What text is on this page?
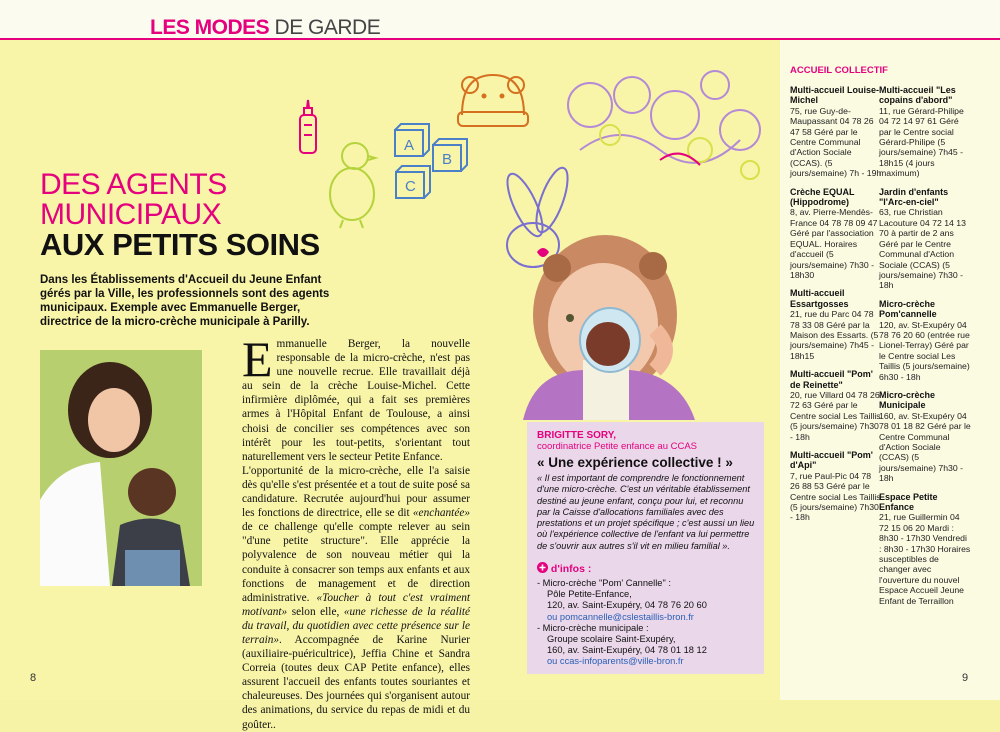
LES MODES DE GARDE
A
B
C
DES AGENTS
MUNICIPAUX
AUX PETITS SOINS
Dans les Établissements d'Accueil du Jeune Enfant gérés par la Ville, les professionnels sont des agents municipaux. Exemple avec Emmanuelle Berger, directrice de la micro-crèche municipale à Parilly.
Emmanuelle Berger, la nouvelle responsable de la micro-crèche, n'est pas une nouvelle recrue. Elle travaillait déjà au sein de la crèche Louise-Michel. Cette infirmière diplômée, qui a fait ses premières armes à l'Hôpital Enfant de Toulouse, a ainsi choisi de concilier ses compétences avec son intérêt pour les tout-petits, s'orientant tout naturellement vers le secteur Petite Enfance.
L'opportunité de la micro-crèche, elle l'a saisie dès qu'elle s'est présentée et a tout de suite posé sa candidature. Recrutée aujourd'hui pour assumer les fonctions de directrice, elle se dit «enchantée» de ce challenge qu'elle compte relever au sein "d'une petite structure". Elle apprécie la polyvalence de son nouveau métier qui la conduite à consacrer son temps aux enfants et aux fonctions de management et de direction administrative. «Toucher à tout c'est vraiment motivant» selon elle, «une richesse de la réalité du travail, du quotidien avec cette présence sur le terrain». Accompagnée de Karine Nurier (auxiliaire-puéricultrice), Jeffia Chine et Sandra Correia (toutes deux CAP Petite enfance), elles assurent l'accueil des enfants toutes souriantes et chaleureuses. Des journées qui s'organisent autour des animations, du service du repas de midi et du goûter..
BRIGITTE SORY,
coordinatrice Petite enfance au CCAS
« Une expérience collective ! »
« Il est important de comprendre le fonctionnement d'une micro-crèche. C'est un véritable établissement destiné au jeune enfant, conçu pour lui, et reconnu par la Caisse d'allocations familiales avec des prestations et un projet spécifique ; c'est aussi un lieu où l'expérience collective de l'enfant va lui permettre de s'ouvrir aux autres s'il vit en milieu familial ».
d'infos :
- Micro-crèche "Pom' Cannelle" :
Pôle Petite-Enfance,
120, av. Saint-Exupéry, 04 78 76 20 60
ou pomcannelle@cslestaillis-bron.fr
- Micro-crèche municipale :
Groupe scolaire Saint-Exupéry,
160, av. Saint-Exupéry, 04 78 01 18 12
ou ccas-infoparents@ville-bron.fr
ACCUEIL COLLECTIF
Multi-accueil Louise-Michel
75, rue Guy-de-Maupassant 04 78 26 47 58 Géré par le Centre Communal d'Action Sociale (CCAS). (5 jours/semaine) 7h - 19h
Crèche EQUAL (Hippodrome)
8, av. Pierre-Mendès-France 04 78 78 09 47 Géré par l'association EQUAL. Horaires d'accueil (5 jours/semaine) 7h30 - 18h30
Multi-accueil Essartgosses
21, rue du Parc 04 78 78 33 08 Géré par la Maison des Essarts. (5 jours/semaine) 7h45 - 18h15
Multi-accueil "Pom' de Reinette"
20, rue Villard 04 78 26 72 63 Géré par le Centre social Les Taillis (5 jours/semaine) 7h30 - 18h
Multi-accueil "Pom' d'Api"
7, rue Paul-Pic 04 78 26 88 53 Géré par le Centre social Les Taillis (5 jours/semaine) 7h30 - 18h
Multi-accueil "Les copains d'abord"
11, rue Gérard-Philipe 04 72 14 97 61 Géré par le Centre social Gérard-Philipe (5 jours/semaine) 7h45 - 18h15 (4 jours maximum)
Jardin d'enfants "l'Arc-en-ciel"
63, rue Christian Lacouture 04 72 14 13 70 à partir de 2 ans Géré par le Centre Communal d'Action Sociale (CCAS) (5 jours/semaine) 7h30 - 18h
Micro-crèche Pom'cannelle
120, av. St-Exupéry 04 78 76 20 60 (entrée rue Lionel-Terray) Géré par le Centre social Les Taillis (5 jours/semaine) 6h30 - 18h
Micro-crèche Municipale
160, av. St-Exupéry 04 78 01 18 82 Géré par le Centre Communal d'Action Sociale (CCAS) (5 jours/semaine) 7h30 - 18h
Espace Petite Enfance
21, rue Guillermin 04 72 15 06 20 Mardi : 8h30 - 17h30 Vendredi : 8h30 - 17h30 Horaires susceptibles de changer avec l'ouverture du nouvel Espace Accueil Jeune Enfant de Terraillon
8	9
